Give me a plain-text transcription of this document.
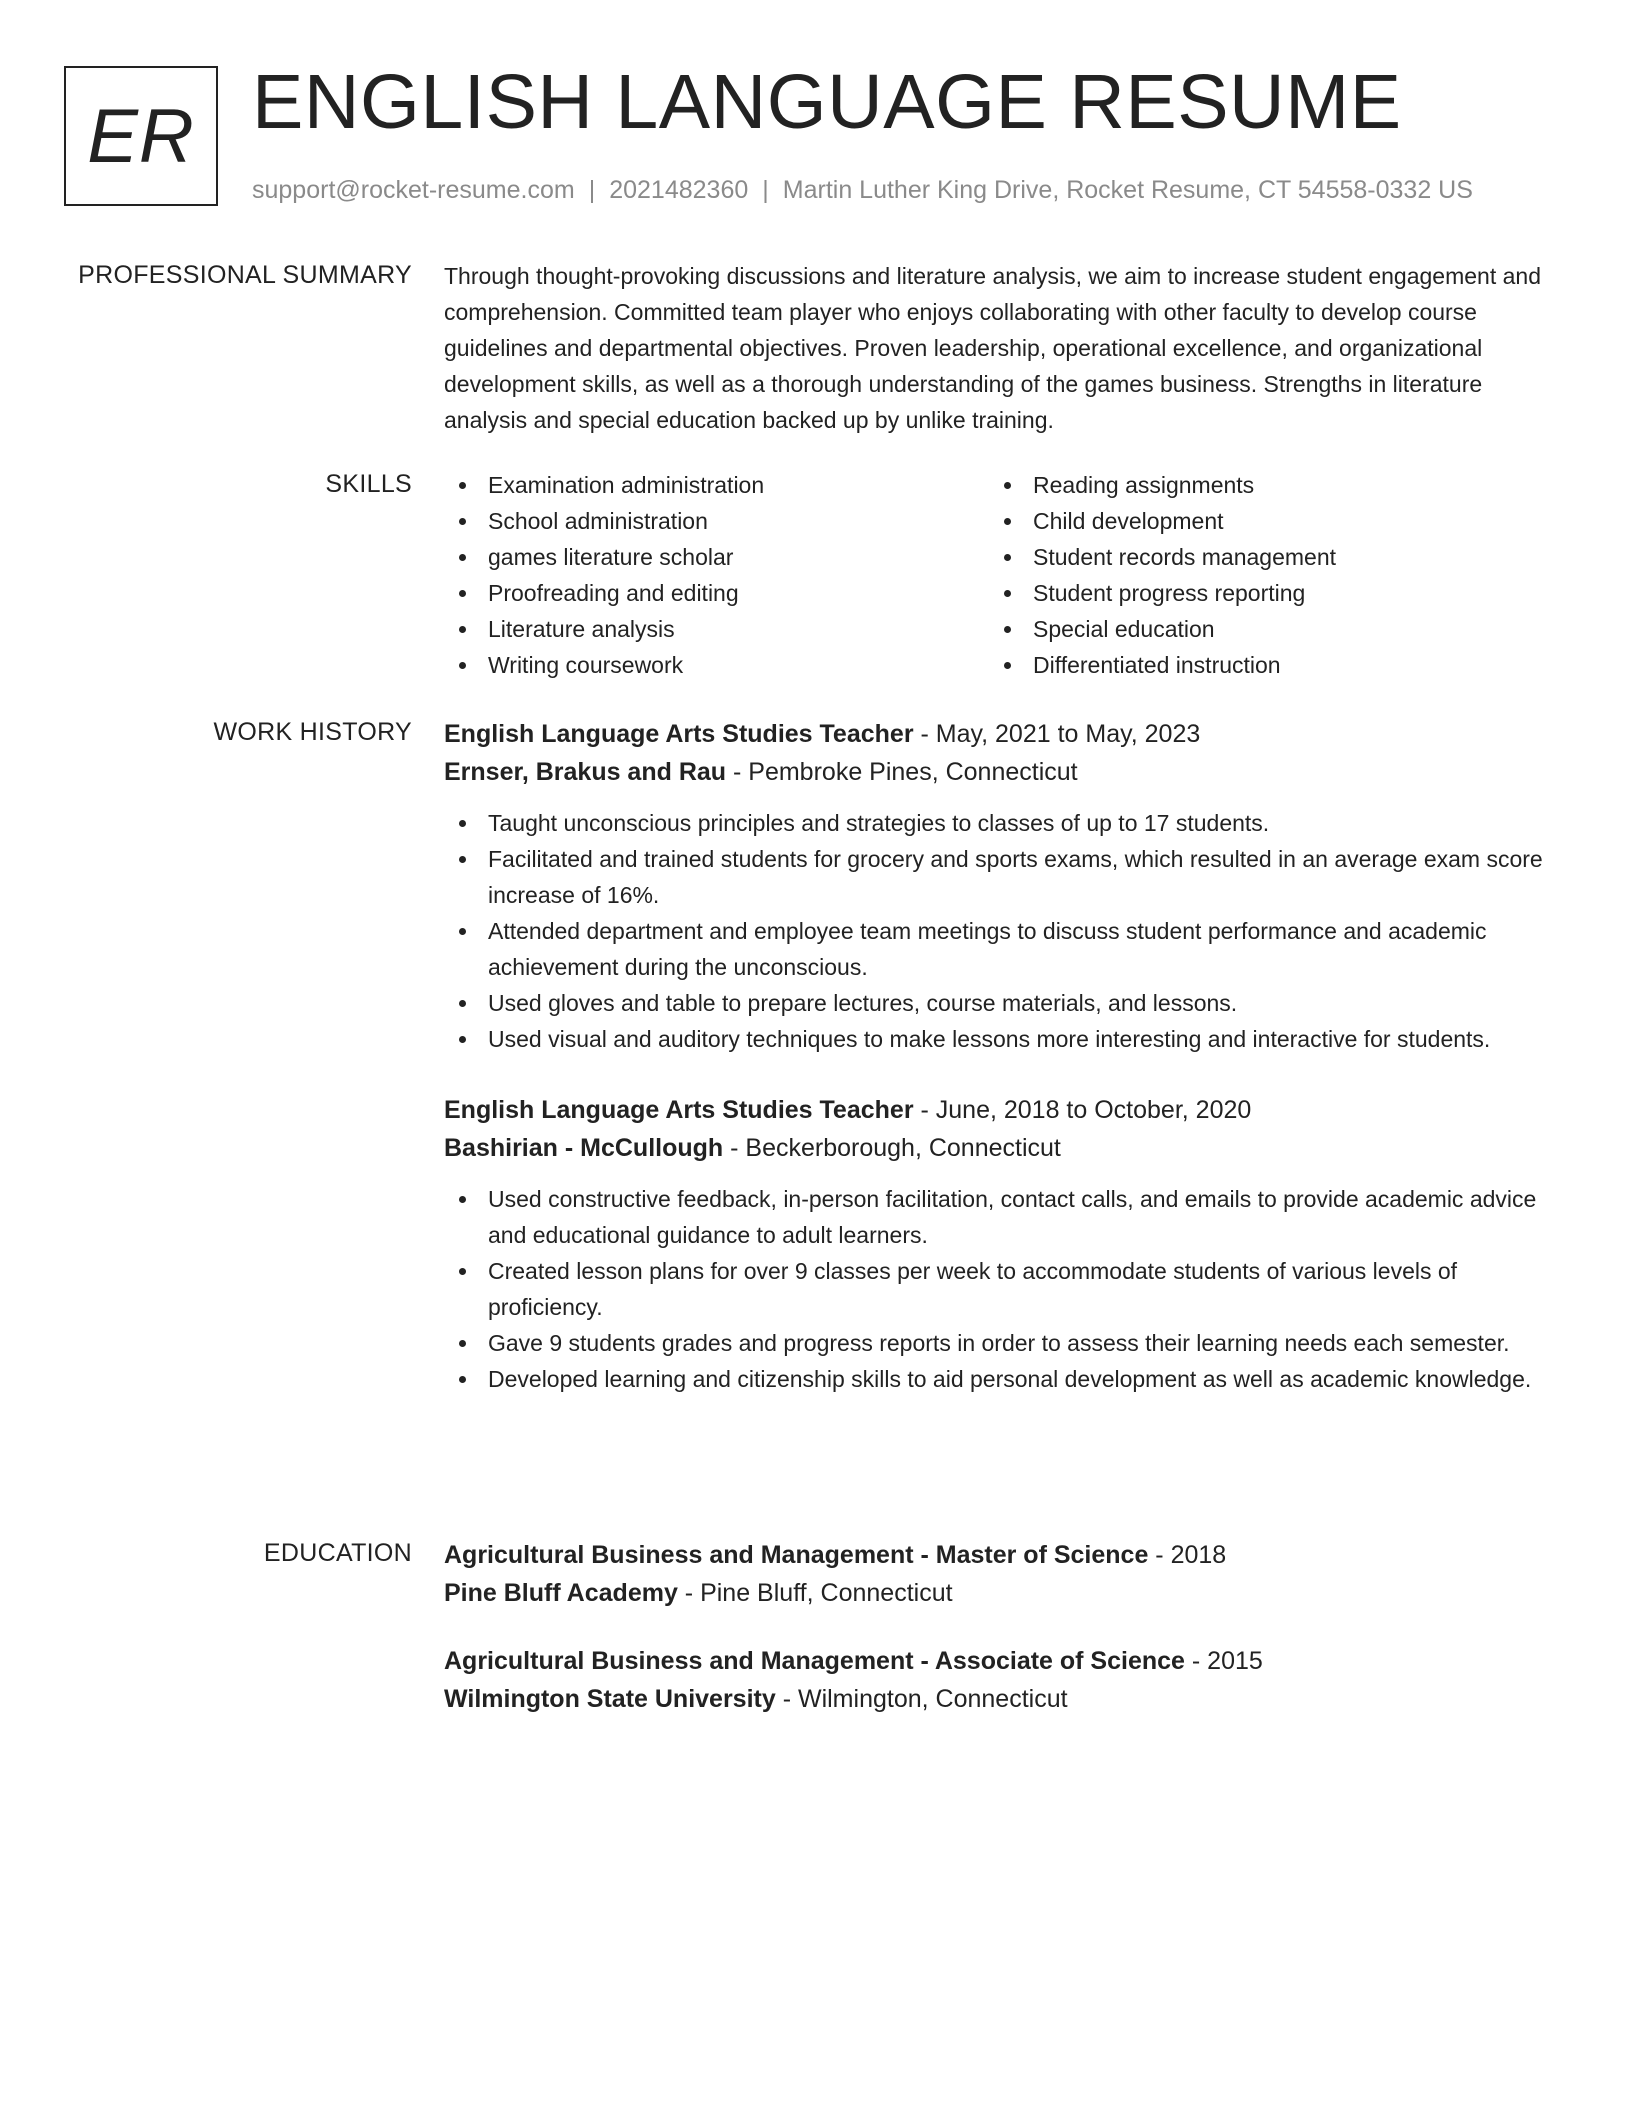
ER ENGLISH LANGUAGE RESUME
support@rocket-resume.com | 2021482360 | Martin Luther King Drive, Rocket Resume, CT 54558-0332 US
PROFESSIONAL SUMMARY Through thought-provoking discussions and literature analysis, we aim to increase student engagement and comprehension. Committed team player who enjoys collaborating with other faculty to develop course guidelines and departmental objectives. Proven leadership, operational excellence, and organizational development skills, as well as a thorough understanding of the games business. Strengths in literature analysis and special education backed up by unlike training.

SKILLS	Examination administration
School administration
games literature scholar
Proofreading and editing
Literature analysis
Writing coursework
Reading assignments
Child development
Student records management
Student progress reporting
Special education
Differentiated instruction
WORK HISTORY English Language Arts Studies Teacher - May, 2021 to May, 2023
Ernser, Brakus and Rau - Pembroke Pines, Connecticut
Taught unconscious principles and strategies to classes of up to 17 students.
Facilitated and trained students for grocery and sports exams, which resulted in an average exam score increase of 16%.
Attended department and employee team meetings to discuss student performance and academic achievement during the unconscious.
Used gloves and table to prepare lectures, course materials, and lessons.
Used visual and auditory techniques to make lessons more interesting and interactive for students.
English Language Arts Studies Teacher - June, 2018 to October, 2020
Bashirian - McCullough - Beckerborough, Connecticut
Used constructive feedback, in-person facilitation, contact calls, and emails to provide academic advice and educational guidance to adult learners.
Created lesson plans for over 9 classes per week to accommodate students of various levels of proficiency.
Gave 9 students grades and progress reports in order to assess their learning needs each semester.
Developed learning and citizenship skills to aid personal development as well as academic knowledge.
EDUCATION Agricultural Business and Management - Master of Science - 2018
Pine Bluff Academy - Pine Bluff, Connecticut
Agricultural Business and Management - Associate of Science - 2015
Wilmington State University - Wilmington, Connecticut
